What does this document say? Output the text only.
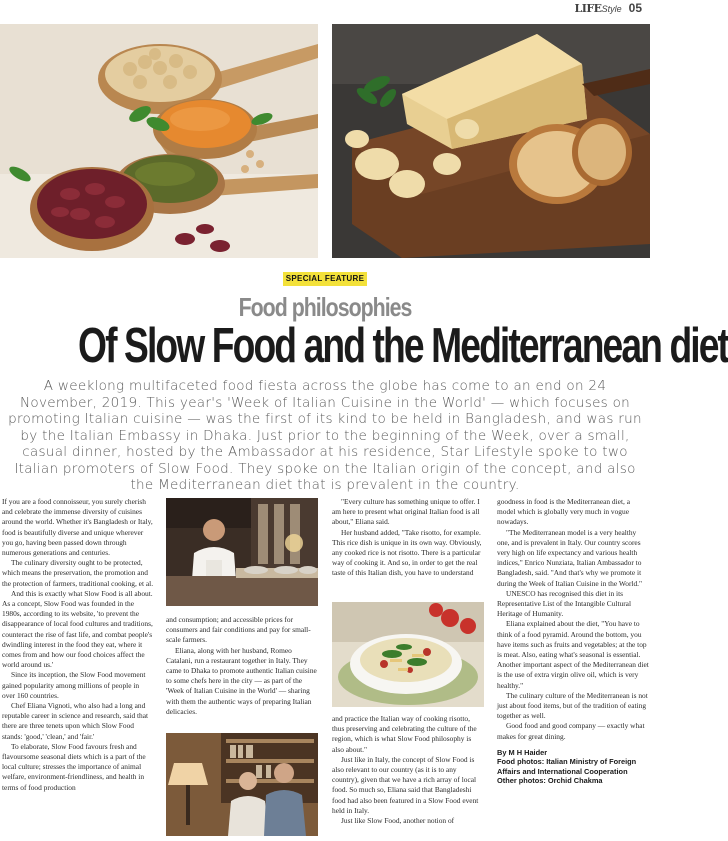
LIFEStyle 05
SPECIAL FEATURE
Food philosophies
Of Slow Food and the Mediterranean diet
A weeklong multifaceted food fiesta across the globe has come to an end on 24 November, 2019. This year's 'Week of Italian Cuisine in the World' — which focuses on promoting Italian cuisine — was the first of its kind to be held in Bangladesh, and was run by the Italian Embassy in Dhaka. Just prior to the beginning of the Week, over a small, casual dinner, hosted by the Ambassador at his residence, Star Lifestyle spoke to two Italian promoters of Slow Food. They spoke on the Italian origin of the concept, and also the Mediterranean diet that is prevalent in the country.

If you are a food connoisseur, you surely cherish and celebrate the immense diversity of cuisines around the world. Whether it's Bangladesh or Italy, food is beautifully diverse and unique wherever you go, having been passed down through numerous generations and centuries.

The culinary diversity ought to be protected, which means the preservation, the promotion and the protection of farmers, traditional cooking, et al.

And this is exactly what Slow Food is all about. As a concept, Slow Food was founded in the 1980s, according to its website, 'to prevent the disappearance of local food cultures and traditions, counteract the rise of fast life, and combat people's dwindling interest in the food they eat, where it comes from and how our food choices affect the world around us.'

Since its inception, the Slow Food movement gained popularity among millions of people in over 160 countries.

Chef Eliana Vignoti, who also had a long and reputable career in science and research, said that there are three tenets upon which Slow Food stands: 'good,' 'clean,' and 'fair.'

To elaborate, Slow Food favours fresh and flavoursome seasonal diets which is a part of the local culture; stresses the importance of animal welfare, environment-friendliness, and health in terms of food production

and consumption; and accessible prices for consumers and fair conditions and pay for small-scale farmers.

Eliana, along with her husband, Romeo Catalani, run a restaurant together in Italy. They came to Dhaka to promote authentic Italian cuisine to some chefs here in the city — as part of the 'Week of Italian Cuisine in the World' — sharing with them the authentic ways of preparing Italian delicacies.

"Every culture has something unique to offer. I am here to present what original Italian food is all about," Eliana said.

Her husband added, "Take risotto, for example. This rice dish is unique in its own way. Obviously, any cooked rice is not risotto. There is a particular way of cooking it. And so, in order to get the real taste of this Italian dish, you have to understand

and practice the Italian way of cooking risotto, thus preserving and celebrating the culture of the region, which is what Slow Food philosophy is also about."

Just like in Italy, the concept of Slow Food is also relevant to our country (as it is to any country), given that we have a rich array of local food. So much so, Eliana said that Bangladeshi food had also been featured in a Slow Food event held in Italy.

Just like Slow Food, another notion of

goodness in food is the Mediterranean diet, a model which is globally very much in vogue nowadays.

"The Mediterranean model is a very healthy one, and is prevalent in Italy. Our country scores very high on life expectancy and various health indices," Enrico Nunziata, Italian Ambassador to Bangladesh, said. "And that's why we promote it during the Week of Italian Cuisine in the World."

UNESCO has recognised this diet in its Representative List of the Intangible Cultural Heritage of Humanity.

Eliana explained about the diet, "You have to think of a food pyramid. Around the bottom, you have items such as fruits and vegetables; at the top is meat. Also, eating what's seasonal is essential. Another important aspect of the Mediterranean diet is the use of extra virgin olive oil, which is very healthy."

The culinary culture of the Mediterranean is not just about food items, but of the tradition of eating together as well.

Good food and good company — exactly what makes for great dining.

By M H Haider
Food photos: Italian Ministry of Foreign Affairs and International Cooperation
Other photos: Orchid Chakma
